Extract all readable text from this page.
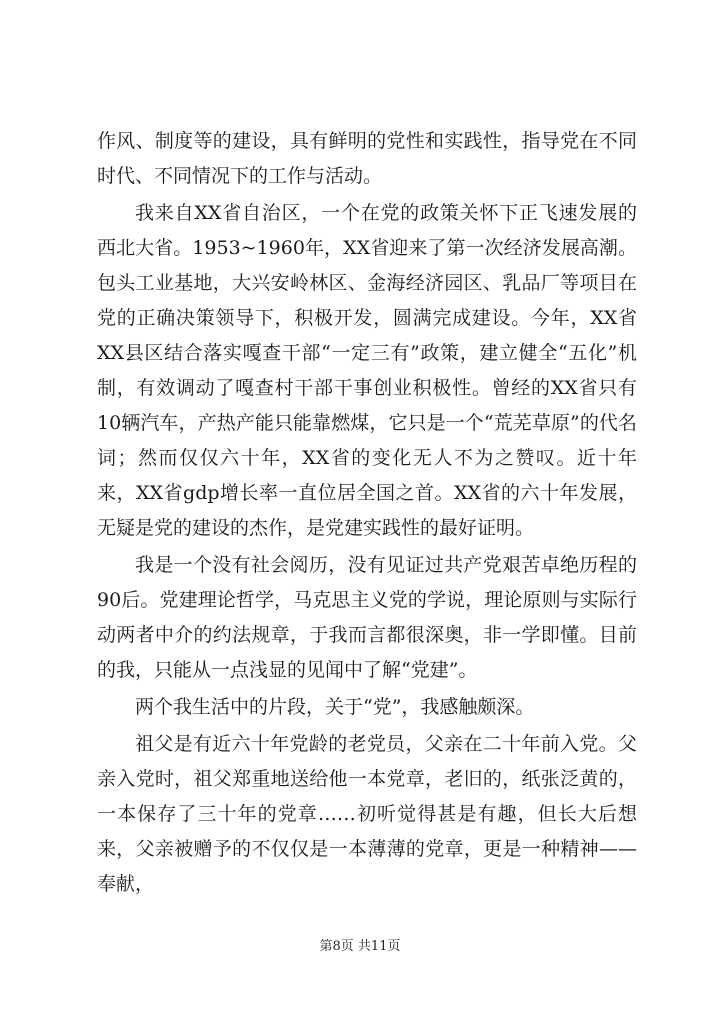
作风、制度等的建设，具有鲜明的党性和实践性，指导党在不同时代、不同情况下的工作与活动。

我来自XX省自治区，一个在党的政策关怀下正飞速发展的西北大省。1953~1960年，XX省迎来了第一次经济发展高潮。包头工业基地，大兴安岭林区、金海经济园区、乳品厂等项目在党的正确决策领导下，积极开发，圆满完成建设。今年，XX省XX县区结合落实嘎查干部“一定三有”政策，建立健全“五化”机制，有效调动了嘎查村干部干事创业积极性。曾经的XX省只有10辆汽车，产热产能只能靠燃煤，它只是一个“荒芜草原”的代名词；然而仅仅六十年，XX省的变化无人不为之赞叹。近十年来，XX省gdp增长率一直位居全国之首。XX省的六十年发展，无疑是党的建设的杰作，是党建实践性的最好证明。

我是一个没有社会阅历，没有见证过共产党艰苦卓绝历程的90后。党建理论哲学，马克思主义党的学说，理论原则与实际行动两者中介的约法规章，于我而言都很深奥，非一学即懂。目前的我，只能从一点浅显的见闻中了解“党建”。

两个我生活中的片段，关于“党”，我感触颇深。

祖父是有近六十年党龄的老党员，父亲在二十年前入党。父亲入党时，祖父郑重地送给他一本党章，老旧的，纸张泛黄的，一本保存了三十年的党章……初听觉得甚是有趣，但长大后想来，父亲被赠予的不仅仅是一本薄薄的党章，更是一种精神——奉献，

第8页 共11页
